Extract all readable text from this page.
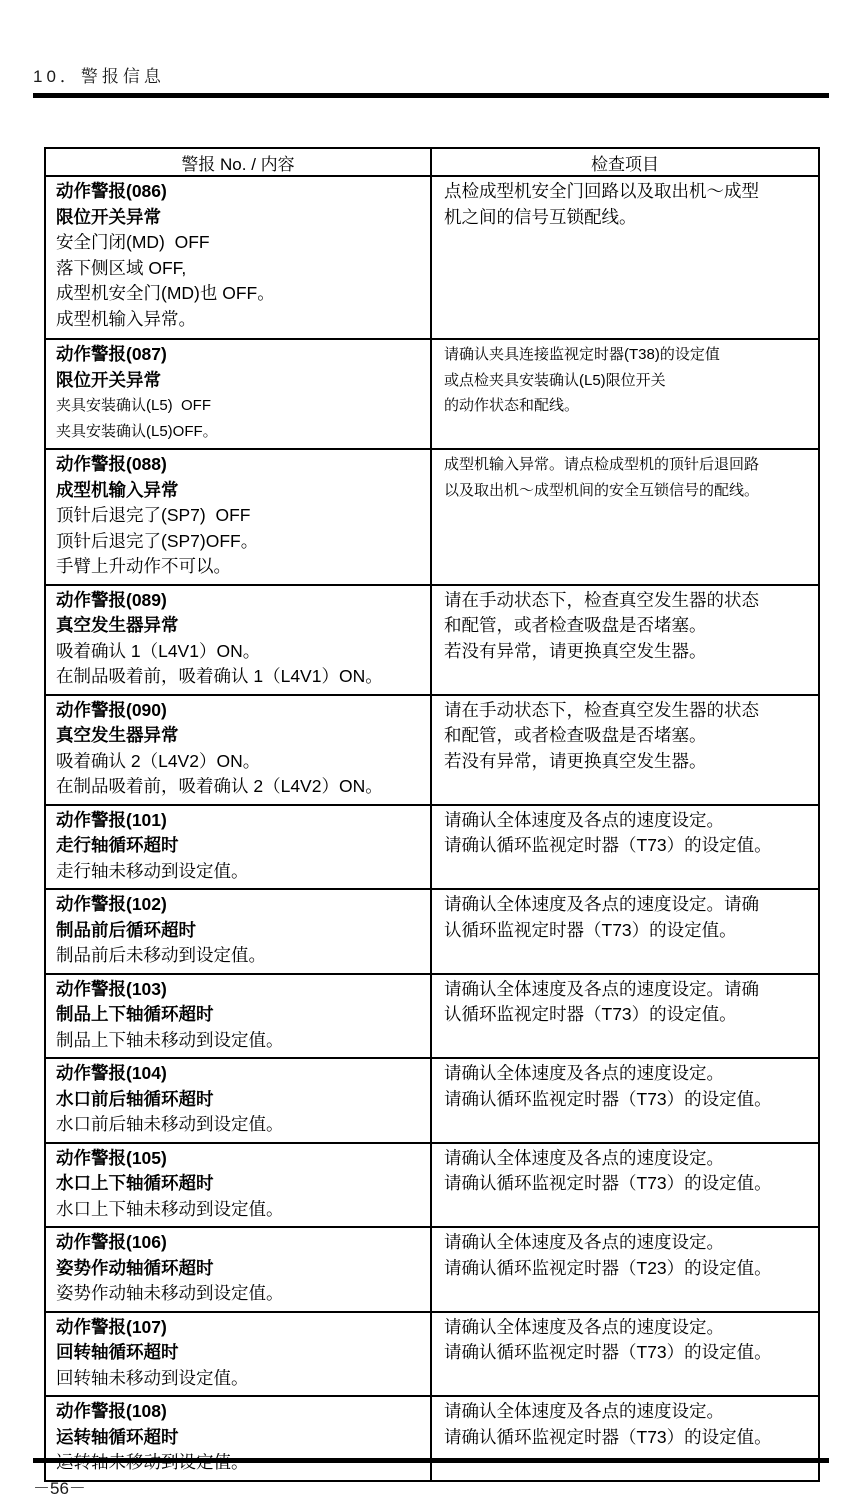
10．警报信息
警报 No. / 内容	检查项目
动作警报(086)
限位开关异常
安全门闭(MD)  OFF
落下侧区域 OFF,
成型机安全门(MD)也 OFF。
成型机输入异常。
点检成型机安全门回路以及取出机～成型
机之间的信号互锁配线。
动作警报(087)
限位开关异常
夹具安装确认(L5)  OFF
夹具安装确认(L5)OFF。
请确认夹具连接监视定时器(T38)的设定值
或点检夹具安装确认(L5)限位开关
的动作状态和配线。
动作警报(088)
成型机输入异常
顶针后退完了(SP7)  OFF
顶针后退完了(SP7)OFF。
手臂上升动作不可以。
成型机输入异常。请点检成型机的顶针后退回路
以及取出机～成型机间的安全互锁信号的配线。
动作警报(089)
真空发生器异常
吸着确认 1（L4V1）ON。
在制品吸着前，吸着确认 1（L4V1）ON。
请在手动状态下，检查真空发生器的状态
和配管，或者检查吸盘是否堵塞。
若没有异常，请更换真空发生器。
动作警报(090)
真空发生器异常
吸着确认 2（L4V2）ON。
在制品吸着前，吸着确认 2（L4V2）ON。
请在手动状态下，检查真空发生器的状态
和配管，或者检查吸盘是否堵塞。
若没有异常，请更换真空发生器。
动作警报(101)
走行轴循环超时
走行轴未移动到设定值。
请确认全体速度及各点的速度设定。
请确认循环监视定时器（T73）的设定值。
动作警报(102)
制品前后循环超时
制品前后未移动到设定值。
请确认全体速度及各点的速度设定。请确
认循环监视定时器（T73）的设定值。
动作警报(103)
制品上下轴循环超时
制品上下轴未移动到设定值。
请确认全体速度及各点的速度设定。请确
认循环监视定时器（T73）的设定值。
动作警报(104)
水口前后轴循环超时
水口前后轴未移动到设定值。
请确认全体速度及各点的速度设定。
请确认循环监视定时器（T73）的设定值。
动作警报(105)
水口上下轴循环超时
水口上下轴未移动到设定值。
请确认全体速度及各点的速度设定。
请确认循环监视定时器（T73）的设定值。
动作警报(106)
姿势作动轴循环超时
姿势作动轴未移动到设定值。
请确认全体速度及各点的速度设定。
请确认循环监视定时器（T23）的设定值。
动作警报(107)
回转轴循环超时
回转轴未移动到设定值。
请确认全体速度及各点的速度设定。
请确认循环监视定时器（T73）的设定值。
动作警报(108)
运转轴循环超时
请确认全体速度及各点的速度设定。
请确认循环监视定时器（T73）的设定值。
－56－
